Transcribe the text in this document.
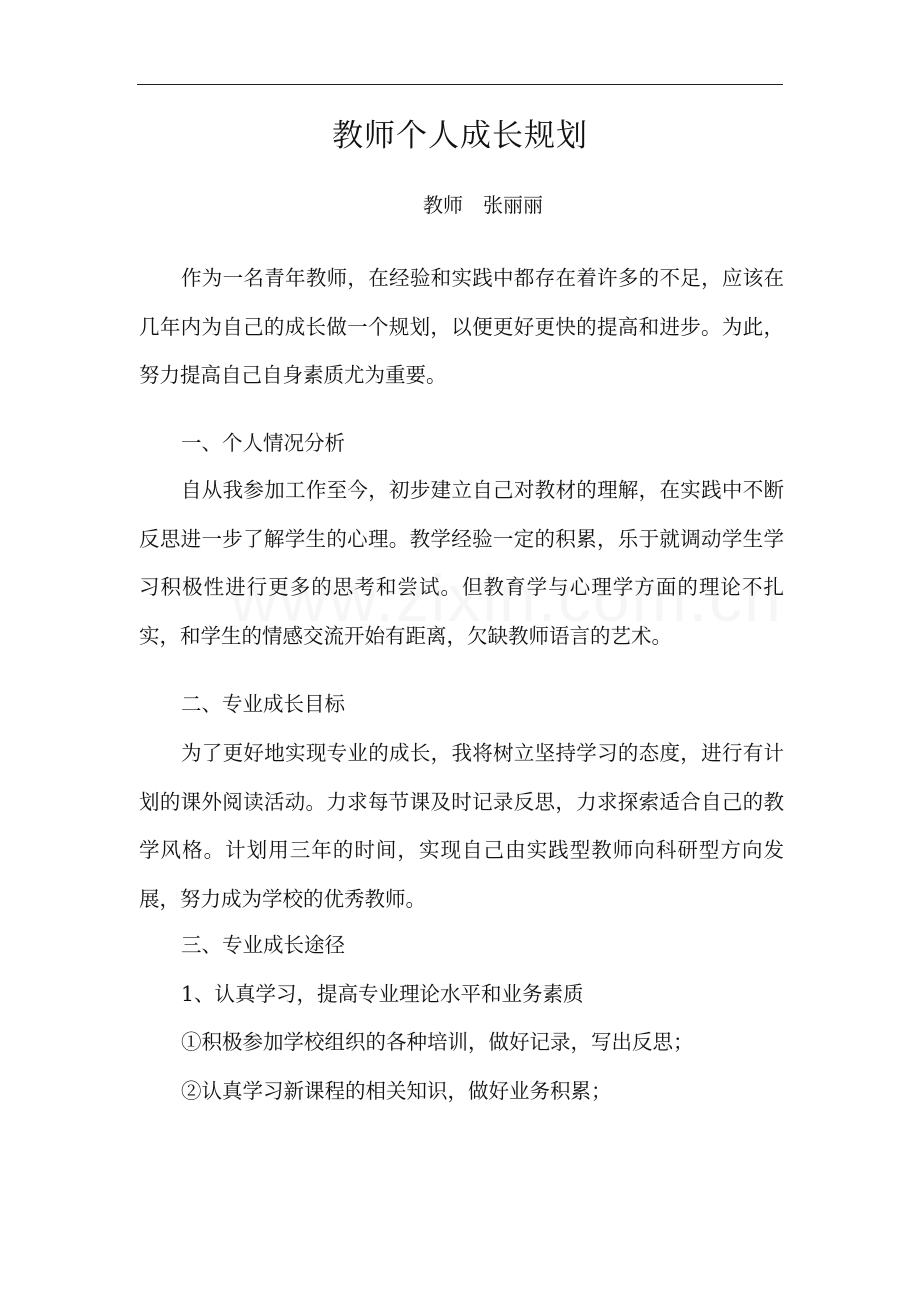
教师个人成长规划
教师 张丽丽

作为一名青年教师，在经验和实践中都存在着许多的不足，应该在几年内为自己的成长做一个规划，以便更好更快的提高和进步。为此，努力提高自己自身素质尤为重要。

一、个人情况分析

自从我参加工作至今，初步建立自己对教材的理解，在实践中不断反思进一步了解学生的心理。教学经验一定的积累，乐于就调动学生学习积极性进行更多的思考和尝试。但教育学与心理学方面的理论不扎实，和学生的情感交流开始有距离，欠缺教师语言的艺术。

二、专业成长目标

为了更好地实现专业的成长，我将树立坚持学习的态度，进行有计划的课外阅读活动。力求每节课及时记录反思，力求探索适合自己的教学风格。计划用三年的时间，实现自己由实践型教师向科研型方向发展，努力成为学校的优秀教师。

三、专业成长途径

1、认真学习，提高专业理论水平和业务素质

①积极参加学校组织的各种培训，做好记录，写出反思；

②认真学习新课程的相关知识，做好业务积累；
